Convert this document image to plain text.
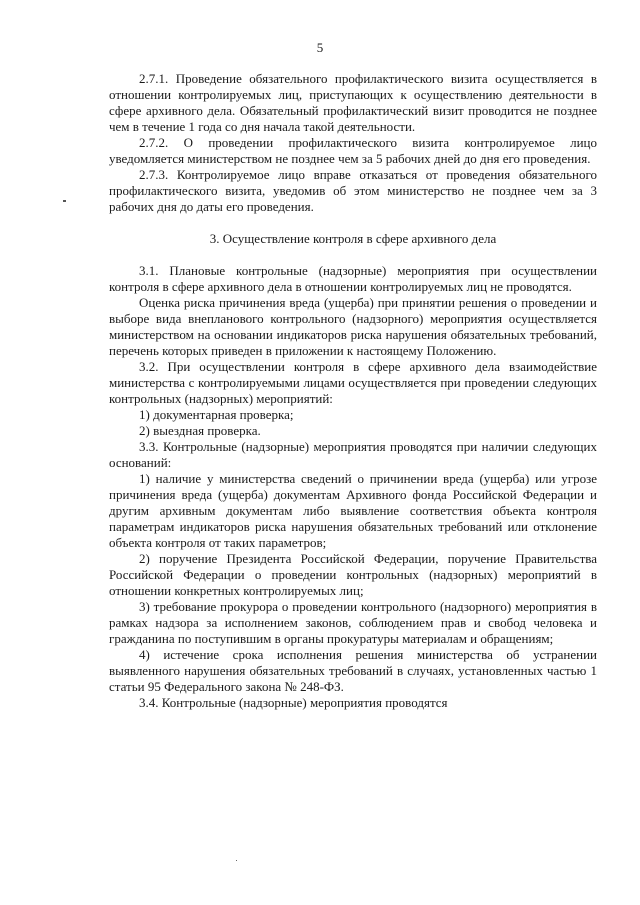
5

2.7.1. Проведение обязательного профилактического визита осуществляется в отношении контролируемых лиц, приступающих к осуществлению деятельности в сфере архивного дела. Обязательный профилактический визит проводится не позднее чем в течение 1 года со дня начала такой деятельности.

2.7.2. О проведении профилактического визита контролируемое лицо уведомляется министерством не позднее чем за 5 рабочих дней до дня его проведения.

2.7.3. Контролируемое лицо вправе отказаться от проведения обязательного профилактического визита, уведомив об этом министерство не позднее чем за 3 рабочих дня до даты его проведения.

3. Осуществление контроля в сфере архивного дела

3.1. Плановые контрольные (надзорные) мероприятия при осуществлении контроля в сфере архивного дела в отношении контролируемых лиц не проводятся.

Оценка риска причинения вреда (ущерба) при принятии решения о проведении и выборе вида внепланового контрольного (надзорного) мероприятия осуществляется министерством на основании индикаторов риска нарушения обязательных требований, перечень которых приведен в приложении к настоящему Положению.

3.2. При осуществлении контроля в сфере архивного дела взаимодействие министерства с контролируемыми лицами осуществляется при проведении следующих контрольных (надзорных) мероприятий:

1) документарная проверка;

2) выездная проверка.

3.3. Контрольные (надзорные) мероприятия проводятся при наличии следующих оснований:

1) наличие у министерства сведений о причинении вреда (ущерба) или угрозе причинения вреда (ущерба) документам Архивного фонда Российской Федерации и другим архивным документам либо выявление соответствия объекта контроля параметрам индикаторов риска нарушения обязательных требований или отклонение объекта контроля от таких параметров;

2) поручение Президента Российской Федерации, поручение Правительства Российской Федерации о проведении контрольных (надзорных) мероприятий в отношении конкретных контролируемых лиц;

3) требование прокурора о проведении контрольного (надзорного) мероприятия в рамках надзора за исполнением законов, соблюдением прав и свобод человека и гражданина по поступившим в органы прокуратуры материалам и обращениям;

4) истечение срока исполнения решения министерства об устранении выявленного нарушения обязательных требований в случаях, установленных частью 1 статьи 95 Федерального закона № 248-ФЗ.

3.4. Контрольные (надзорные) мероприятия проводятся
